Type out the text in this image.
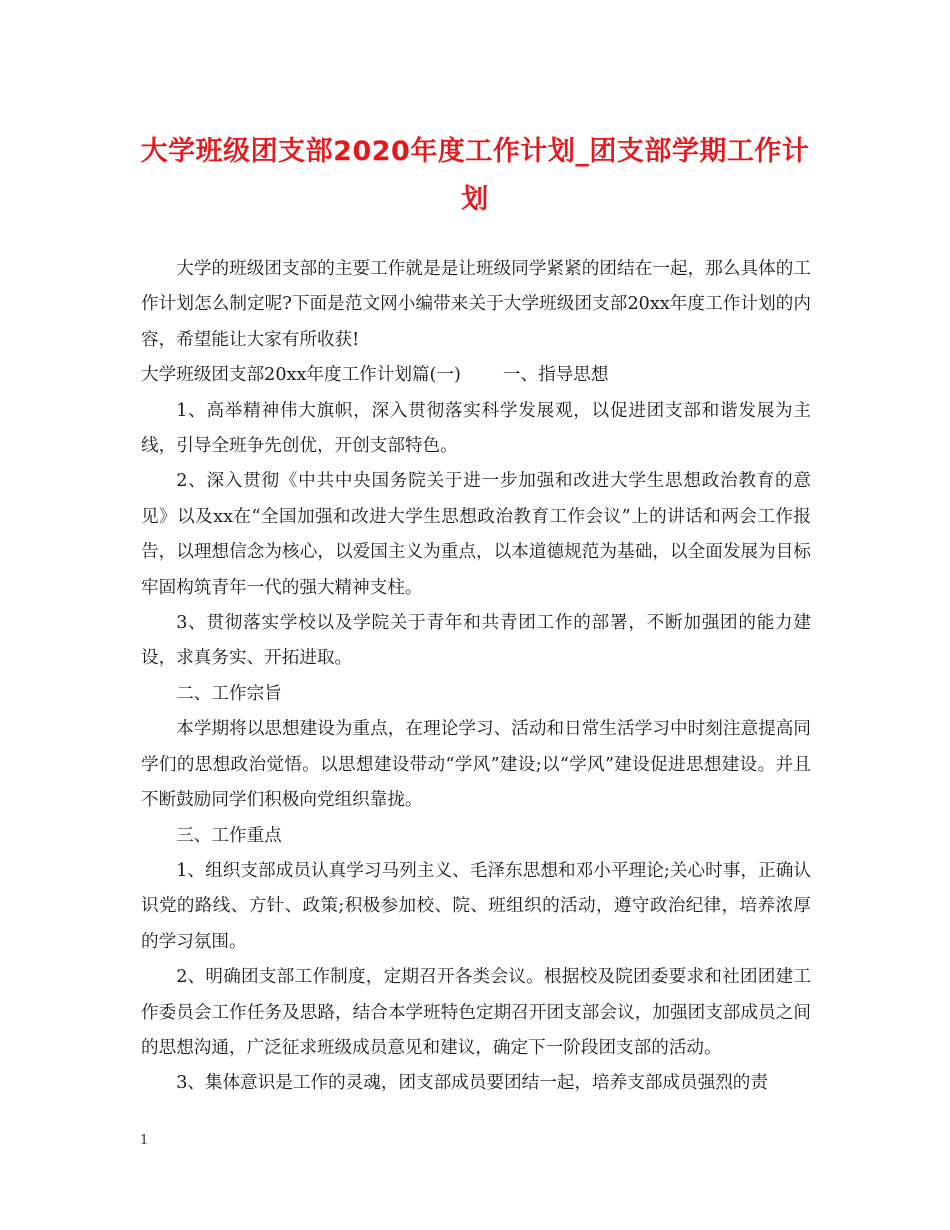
大学班级团支部2020年度工作计划_团支部学期工作计划

大学的班级团支部的主要工作就是是让班级同学紧紧的团结在一起，那么具体的工作计划怎么制定呢?下面是范文网小编带来关于大学班级团支部20xx年度工作计划的内容，希望能让大家有所收获!

大学班级团支部20xx年度工作计划篇(一) 一、指导思想

1、高举精神伟大旗帜，深入贯彻落实科学发展观，以促进团支部和谐发展为主线，引导全班争先创优，开创支部特色。

2、深入贯彻《中共中央国务院关于进一步加强和改进大学生思想政治教育的意见》以及xx在“全国加强和改进大学生思想政治教育工作会议”上的讲话和两会工作报告，以理想信念为核心，以爱国主义为重点，以本道德规范为基础，以全面发展为目标牢固构筑青年一代的强大精神支柱。

3、贯彻落实学校以及学院关于青年和共青团工作的部署，不断加强团的能力建设，求真务实、开拓进取。

二、工作宗旨

本学期将以思想建设为重点，在理论学习、活动和日常生活学习中时刻注意提高同学们的思想政治觉悟。以思想建设带动“学风”建设;以“学风”建设促进思想建设。并且不断鼓励同学们积极向党组织靠拢。

三、工作重点

1、组织支部成员认真学习马列主义、毛泽东思想和邓小平理论;关心时事，正确认识党的路线、方针、政策;积极参加校、院、班组织的活动，遵守政治纪律，培养浓厚的学习氛围。

2、明确团支部工作制度，定期召开各类会议。根据校及院团委要求和社团团建工作委员会工作任务及思路，结合本学班特色定期召开团支部会议，加强团支部成员之间的思想沟通，广泛征求班级成员意见和建议，确定下一阶段团支部的活动。

3、集体意识是工作的灵魂，团支部成员要团结一起，培养支部成员强烈的责

1
